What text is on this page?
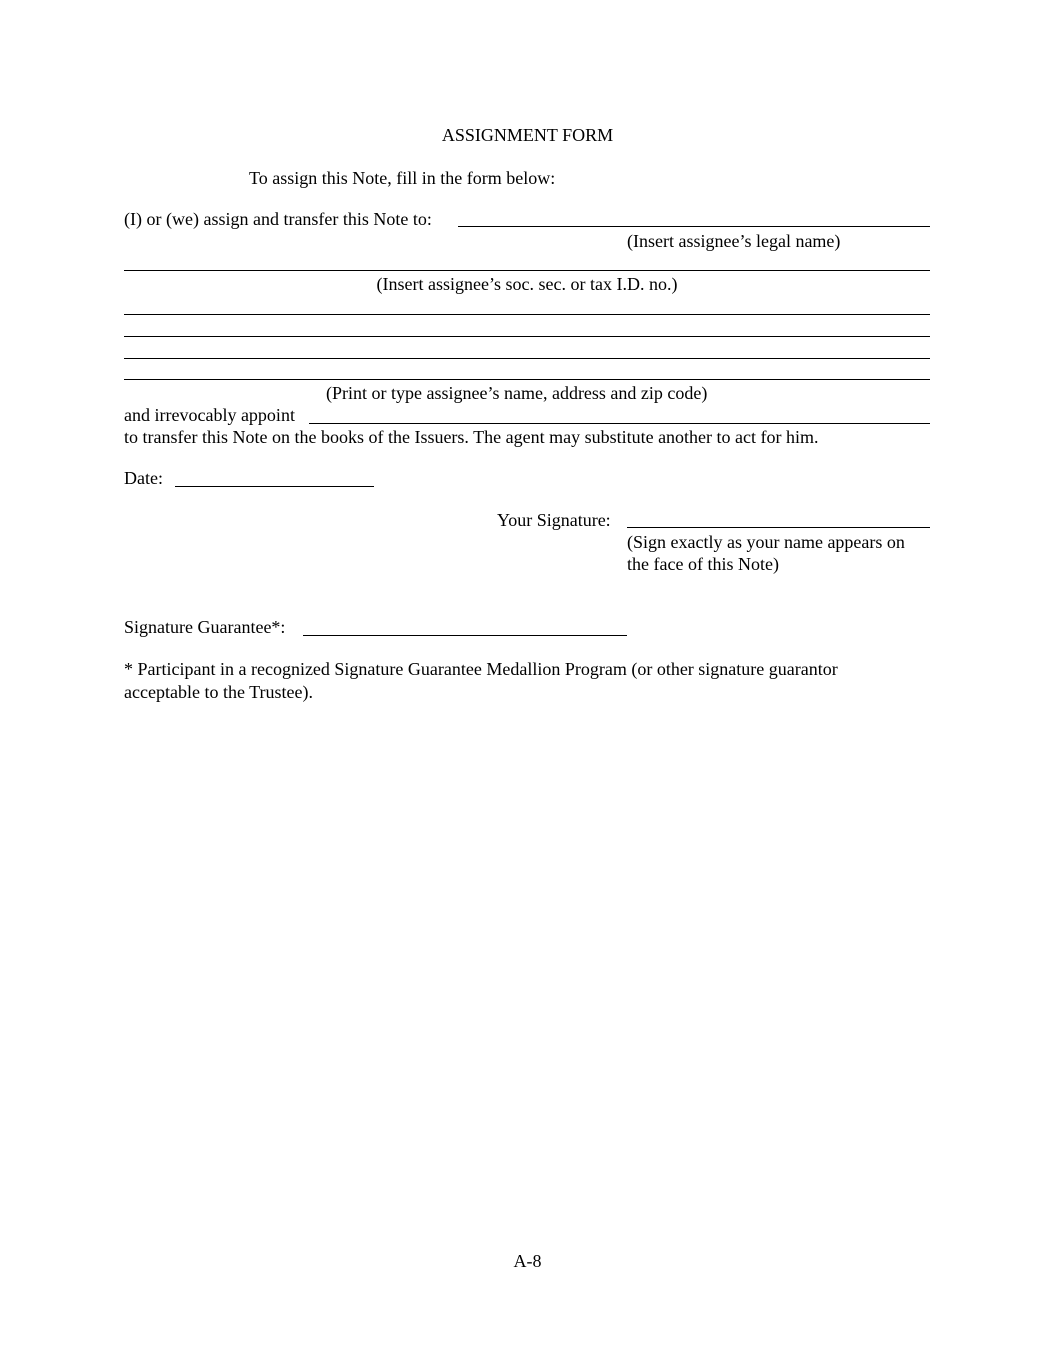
ASSIGNMENT FORM
To assign this Note, fill in the form below:
(I) or (we) assign and transfer this Note to:
(Insert assignee’s legal name)
(Insert assignee’s soc. sec. or tax I.D. no.)
(Print or type assignee’s name, address and zip code)
and irrevocably appoint
to transfer this Note on the books of the Issuers. The agent may substitute another to act for him.
Date:
Your Signature:
(Sign exactly as your name appears on
the face of this Note)
Signature Guarantee*:
* Participant in a recognized Signature Guarantee Medallion Program (or other signature guarantor
acceptable to the Trustee).
A-8
